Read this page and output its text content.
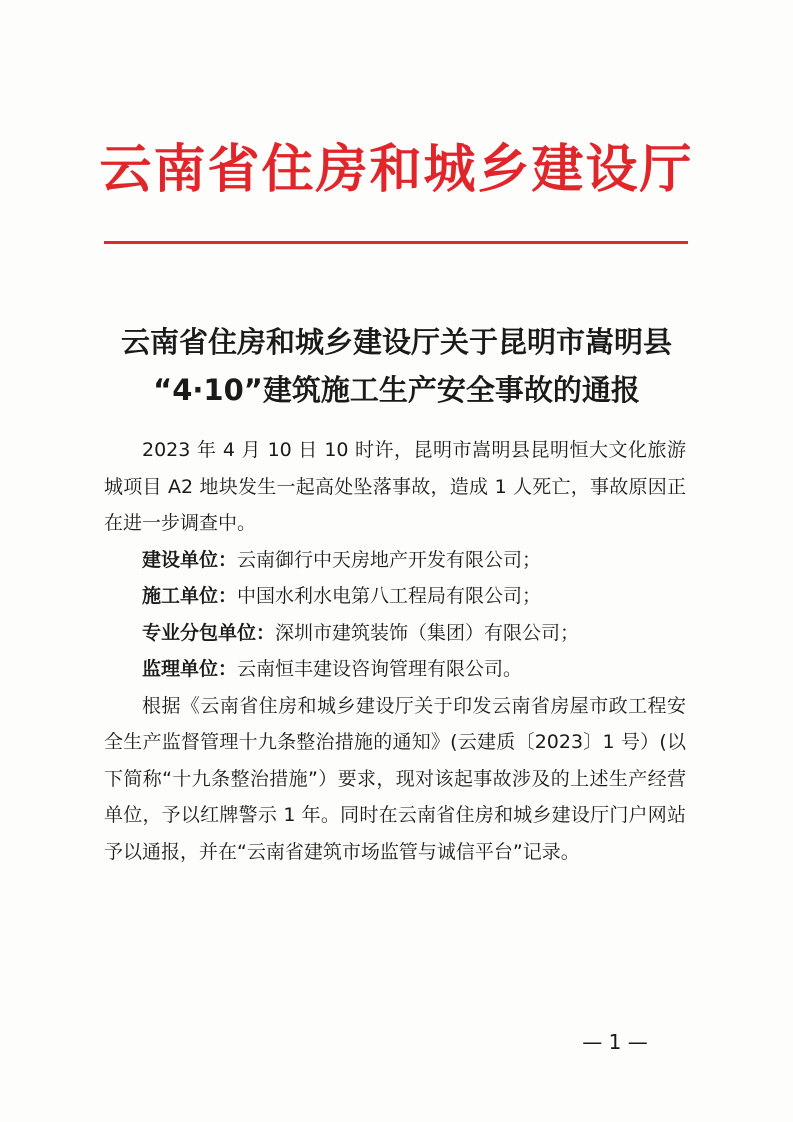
云南省住房和城乡建设厅
云南省住房和城乡建设厅关于昆明市嵩明县
“4·10”建筑施工生产安全事故的通报

2023 年 4 月 10 日 10 时许，昆明市嵩明县昆明恒大文化旅游城项目 A2 地块发生一起高处坠落事故，造成 1 人死亡，事故原因正在进一步调查中。

建设单位：云南御行中天房地产开发有限公司；

施工单位：中国水利水电第八工程局有限公司；

专业分包单位：深圳市建筑装饰（集团）有限公司；

监理单位：云南恒丰建设咨询管理有限公司。

根据《云南省住房和城乡建设厅关于印发云南省房屋市政工程安全生产监督管理十九条整治措施的通知》(云建质〔2023〕1 号）(以下简称“十九条整治措施”）要求，现对该起事故涉及的上述生产经营单位，予以红牌警示 1 年。同时在云南省住房和城乡建设厅门户网站予以通报，并在“云南省建筑市场监管与诚信平台”记录。

— 1 —
